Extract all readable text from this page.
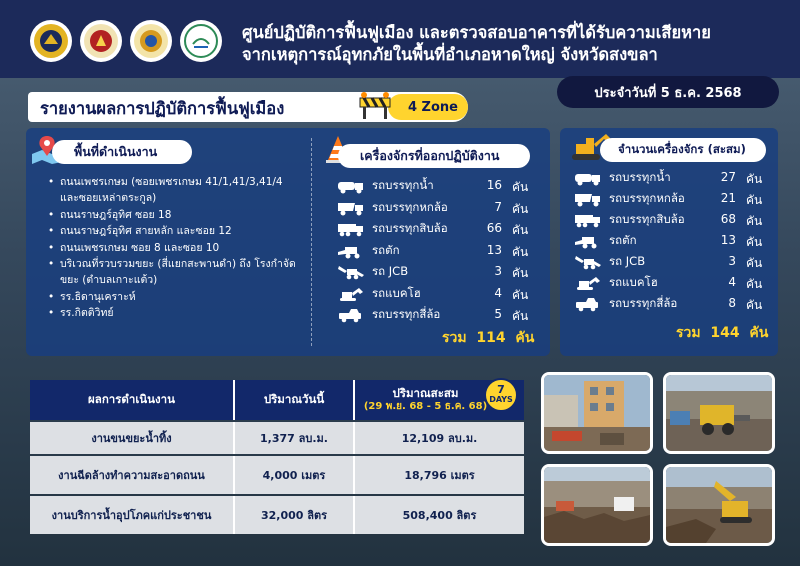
ศูนย์ปฏิบัติการฟื้นฟูเมือง และตรวจสอบอาคารที่ได้รับความเสียหาย
จากเหตุการณ์อุทกภัยในพื้นที่อำเภอหาดใหญ่ จังหวัดสงขลา
รายงานผลการปฏิบัติการฟื้นฟูเมือง	4 Zone
ประจำวันที่ 5 ธ.ค. 2568
พื้นที่ดำเนินงาน
• ถนนเพชรเกษม (ซอยเพชรเกษม 41/1,41/3,41/4 และซอยเหล่าตระกูล)
• ถนนราษฎร์อุทิศ ซอย 18
• ถนนราษฎร์อุทิศ สายหลัก และซอย 12
• ถนนเพชรเกษม ซอย 8 และซอย 10
• บริเวณที่รวบรวมขยะ (สี่แยกสะพานดำ) ถึง โรงกำจัดขยะ (ตำบลเกาะแต้ว)
• รร.ธิดานุเคราะห์
• รร.กิตติวิทย์
เครื่องจักรที่ออกปฏิบัติงาน
รถบรรทุกน้ำ	16 คัน
รถบรรทุกหกล้อ	7 คัน
รถบรรทุกสิบล้อ	66 คัน
รถตัก	13 คัน
รถ JCB	3 คัน
รถแบคโฮ	4 คัน
รถบรรทุกสี่ล้อ	5 คัน
รวม 114 คัน
จำนวนเครื่องจักร (สะสม)
รถบรรทุกน้ำ	27 คัน
รถบรรทุกหกล้อ	21 คัน
รถบรรทุกสิบล้อ	68 คัน
รถตัก	13 คัน
รถ JCB	3 คัน
รถแบคโฮ	4 คัน
รถบรรทุกสี่ล้อ	8 คัน
รวม 144 คัน
ผลการดำเนินงาน	ปริมาณวันนี้	ปริมาณสะสม
(29 พ.ย. 68 - 5 ธ.ค. 68)

งานขนขยะน้ำทิ้ง	1,377 ลบ.ม.	12,109 ลบ.ม.
งานฉีดล้างทำความสะอาดถนน	4,000 เมตร	18,796 เมตร
งานบริการน้ำอุปโภคแก่ประชาชน	32,000 ลิตร	508,400 ลิตร
7
DAYS
